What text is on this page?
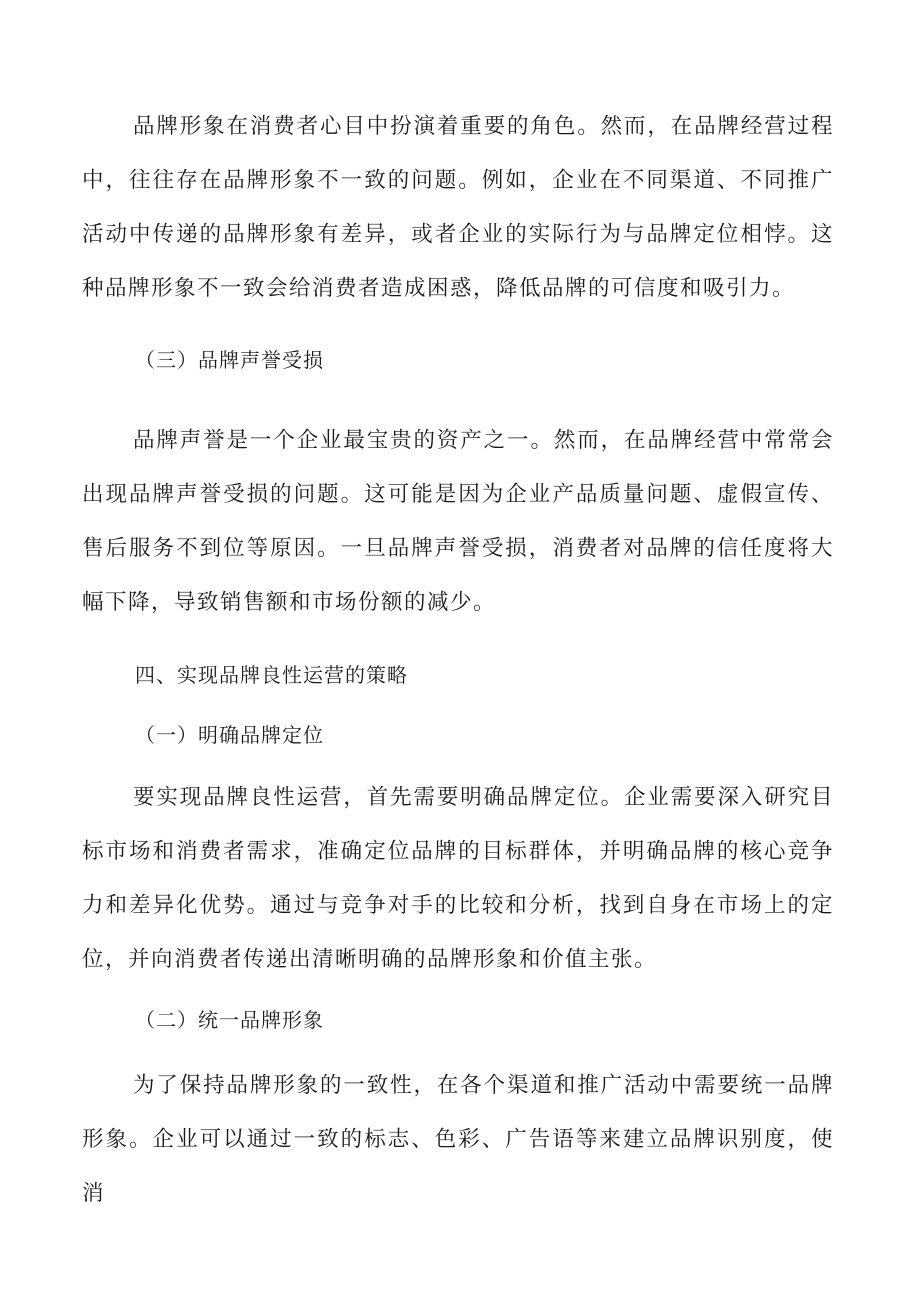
品牌形象在消费者心目中扮演着重要的角色。然而，在品牌经营过程中，往往存在品牌形象不一致的问题。例如，企业在不同渠道、不同推广活动中传递的品牌形象有差异，或者企业的实际行为与品牌定位相悖。这种品牌形象不一致会给消费者造成困惑，降低品牌的可信度和吸引力。

（三）品牌声誉受损

品牌声誉是一个企业最宝贵的资产之一。然而，在品牌经营中常常会出现品牌声誉受损的问题。这可能是因为企业产品质量问题、虚假宣传、售后服务不到位等原因。一旦品牌声誉受损，消费者对品牌的信任度将大幅下降，导致销售额和市场份额的减少。

四、实现品牌良性运营的策略

（一）明确品牌定位

要实现品牌良性运营，首先需要明确品牌定位。企业需要深入研究目标市场和消费者需求，准确定位品牌的目标群体，并明确品牌的核心竞争力和差异化优势。通过与竞争对手的比较和分析，找到自身在市场上的定位，并向消费者传递出清晰明确的品牌形象和价值主张。

（二）统一品牌形象

为了保持品牌形象的一致性，在各个渠道和推广活动中需要统一品牌形象。企业可以通过一致的标志、色彩、广告语等来建立品牌识别度，使消
